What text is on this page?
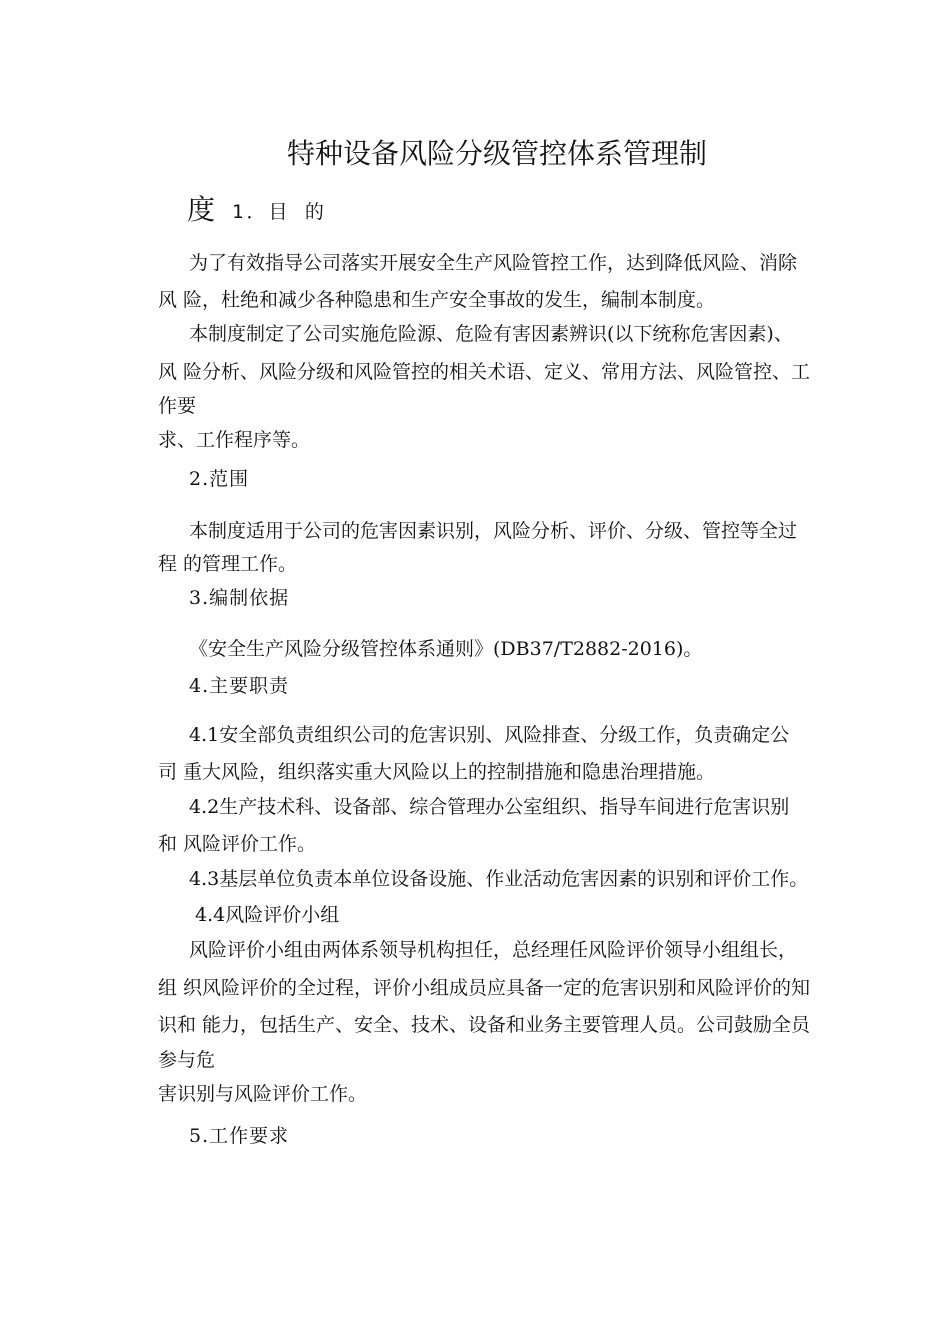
特种设备风险分级管控体系管理制
度 1．目 的
为了有效指导公司落实开展安全生产风险管控工作，达到降低风险、消除
风 险，杜绝和减少各种隐患和生产安全事故的发生，编制本制度。
本制度制定了公司实施危险源、危险有害因素辨识(以下统称危害因素)、
风 险分析、风险分级和风险管控的相关术语、定义、常用方法、风险管控、工
作要
求、工作程序等。
2.范围
本制度适用于公司的危害因素识别，风险分析、评价、分级、管控等全过
程 的管理工作。
3.编制依据
《安全生产风险分级管控体系通则》(DB37/T2882-2016)。
4.主要职责
4.1安全部负责组织公司的危害识别、风险排查、分级工作，负责确定公
司 重大风险，组织落实重大风险以上的控制措施和隐患治理措施。
4.2生产技术科、设备部、综合管理办公室组织、指导车间进行危害识别
和 风险评价工作。
4.3基层单位负责本单位设备设施、作业活动危害因素的识别和评价工作。
4.4风险评价小组
风险评价小组由两体系领导机构担任，总经理任风险评价领导小组组长，
组 织风险评价的全过程，评价小组成员应具备一定的危害识别和风险评价的知
识和 能力，包括生产、安全、技术、设备和业务主要管理人员。公司鼓励全员
参与危
害识别与风险评价工作。
5.工作要求
